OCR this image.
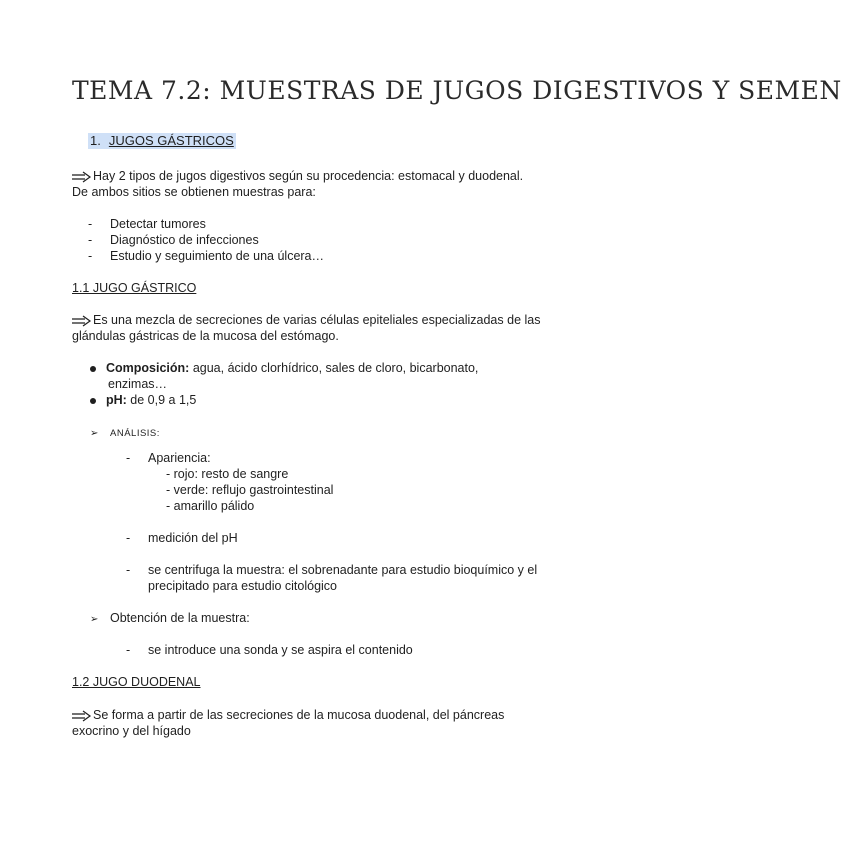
TEMA 7.2: MUESTRAS DE JUGOS DIGESTIVOS Y SEMEN
1. JUGOS GÁSTRICOS
Hay 2 tipos de jugos digestivos según su procedencia: estomacal y duodenal.
De ambos sitios se obtienen muestras para:
- Detectar tumores
- Diagnóstico de infecciones
- Estudio y seguimiento de una úlcera…
1.1 JUGO GÁSTRICO
Es una mezcla de secreciones de varias células epiteliales especializadas de las
glándulas gástricas de la mucosa del estómago.
Composición: agua, ácido clorhídrico, sales de cloro, bicarbonato,
enzimas…
pH: de 0,9 a 1,5
➢ ANÁLISIS:
- Apariencia:
- rojo: resto de sangre
- verde: reflujo gastrointestinal
- amarillo pálido
- medición del pH
- se centrifuga la muestra: el sobrenadante para estudio bioquímico y el
precipitado para estudio citológico
➢ Obtención de la muestra:
- se introduce una sonda y se aspira el contenido
1.2 JUGO DUODENAL
Se forma a partir de las secreciones de la mucosa duodenal, del páncreas
exocrino y del hígado
